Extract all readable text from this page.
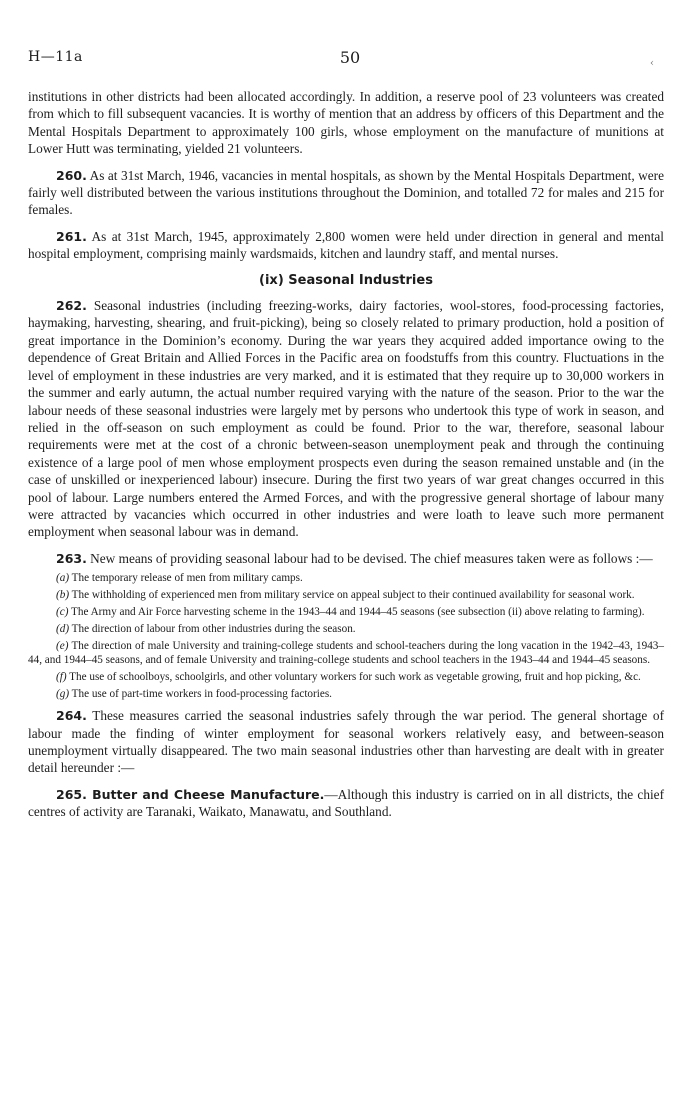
H—11a	50	‹

institutions in other districts had been allocated accordingly. In addition, a reserve pool of 23 volunteers was created from which to fill subsequent vacancies. It is worthy of mention that an address by officers of this Department and the Mental Hospitals Department to approximately 100 girls, whose employment on the manufacture of munitions at Lower Hutt was terminating, yielded 21 volunteers.

260. As at 31st March, 1946, vacancies in mental hospitals, as shown by the Mental Hospitals Department, were fairly well distributed between the various institutions throughout the Dominion, and totalled 72 for males and 215 for females.

261. As at 31st March, 1945, approximately 2,800 women were held under direction in general and mental hospital employment, comprising mainly wardsmaids, kitchen and laundry staff, and mental nurses.

(ix) Seasonal Industries

262. Seasonal industries (including freezing-works, dairy factories, wool-stores, food-processing factories, haymaking, harvesting, shearing, and fruit-picking), being so closely related to primary production, hold a position of great importance in the Dominion’s economy. During the war years they acquired added importance owing to the dependence of Great Britain and Allied Forces in the Pacific area on foodstuffs from this country. Fluctuations in the level of employment in these industries are very marked, and it is estimated that they require up to 30,000 workers in the summer and early autumn, the actual number required varying with the nature of the season. Prior to the war the labour needs of these seasonal industries were largely met by persons who undertook this type of work in season, and relied in the off-season on such employment as could be found. Prior to the war, therefore, seasonal labour requirements were met at the cost of a chronic between-season unemployment peak and through the continuing existence of a large pool of men whose employment prospects even during the season remained unstable and (in the case of unskilled or inexperienced labour) insecure. During the first two years of war great changes occurred in this pool of labour. Large numbers entered the Armed Forces, and with the progressive general shortage of labour many were attracted by vacancies which occurred in other industries and were loath to leave such more permanent employment when seasonal labour was in demand.

263. New means of providing seasonal labour had to be devised. The chief measures taken were as follows :—

(a) The temporary release of men from military camps.

(b) The withholding of experienced men from military service on appeal subject to their continued availability for seasonal work.

(c) The Army and Air Force harvesting scheme in the 1943–44 and 1944–45 seasons (see subsection (ii) above relating to farming).

(d) The direction of labour from other industries during the season.

(e) The direction of male University and training-college students and school-teachers during the long vacation in the 1942–43, 1943–44, and 1944–45 seasons, and of female University and training-college students and school teachers in the 1943–44 and 1944–45 seasons.

(f) The use of schoolboys, schoolgirls, and other voluntary workers for such work as vegetable growing, fruit and hop picking, &c.

(g) The use of part-time workers in food-processing factories.

264. These measures carried the seasonal industries safely through the war period. The general shortage of labour made the finding of winter employment for seasonal workers relatively easy, and between-season unemployment virtually disappeared. The two main seasonal industries other than harvesting are dealt with in greater detail hereunder :—

265. Butter and Cheese Manufacture.—Although this industry is carried on in all districts, the chief centres of activity are Taranaki, Waikato, Manawatu, and Southland.
